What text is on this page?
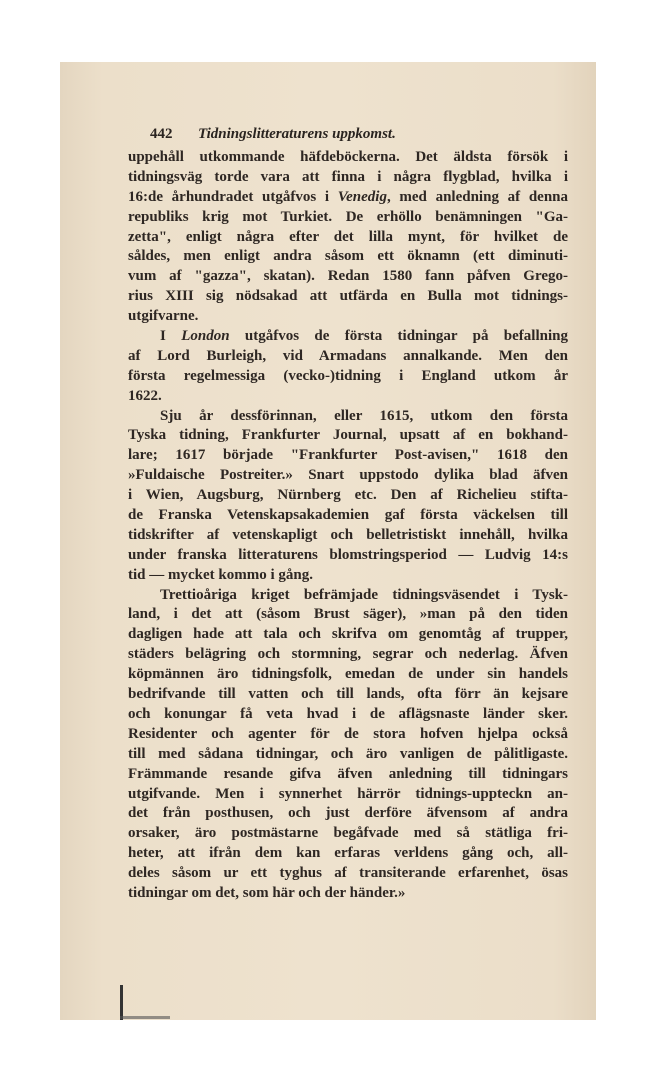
442 Tidningslitteraturens uppkomst.
uppehåll utkommande häfdeböckerna. Det äldsta försök i
tidningsväg torde vara att finna i några flygblad, hvilka i
16:de århundradet utgåfvos i Venedig, med anledning af denna
republiks krig mot Turkiet. De erhöllo benämningen "Ga-
zetta", enligt några efter det lilla mynt, för hvilket de
såldes, men enligt andra såsom ett öknamn (ett diminuti-
vum af "gazza", skatan). Redan 1580 fann påfven Grego-
rius XIII sig nödsakad att utfärda en Bulla mot tidnings-
utgifvarne.
I London utgåfvos de första tidningar på befallning
af Lord Burleigh, vid Armadans annalkande. Men den
första regelmessiga (vecko-)tidning i England utkom år
1622.
Sju år dessförinnan, eller 1615, utkom den första
Tyska tidning, Frankfurter Journal, upsatt af en bokhand-
lare; 1617 började "Frankfurter Post-avisen," 1618 den
»Fuldaische Postreiter.» Snart uppstodo dylika blad äfven
i Wien, Augsburg, Nürnberg etc. Den af Richelieu stifta-
de Franska Vetenskapsakademien gaf första väckelsen till
tidskrifter af vetenskapligt och belletristiskt innehåll, hvilka
under franska litteraturens blomstringsperiod — Ludvig 14:s
tid — mycket kommo i gång.
Trettioåriga kriget befrämjade tidningsväsendet i Tysk-
land, i det att (såsom Brust säger), »man på den tiden
dagligen hade att tala och skrifva om genomtåg af trupper,
städers belägring och stormning, segrar och nederlag. Äfven
köpmännen äro tidningsfolk, emedan de under sin handels
bedrifvande till vatten och till lands, ofta förr än kejsare
och konungar få veta hvad i de aflägsnaste länder sker.
Residenter och agenter för de stora hofven hjelpa också
till med sådana tidningar, och äro vanligen de pålitligaste.
Främmande resande gifva äfven anledning till tidningars
utgifvande. Men i synnerhet härrör tidnings-uppteckn an-
det från posthusen, och just derföre äfvensom af andra
orsaker, äro postmästarne begåfvade med så stätliga fri-
heter, att ifrån dem kan erfaras verldens gång och, all-
deles såsom ur ett tyghus af transiterande erfarenhet, ösas
tidningar om det, som här och der händer.»
